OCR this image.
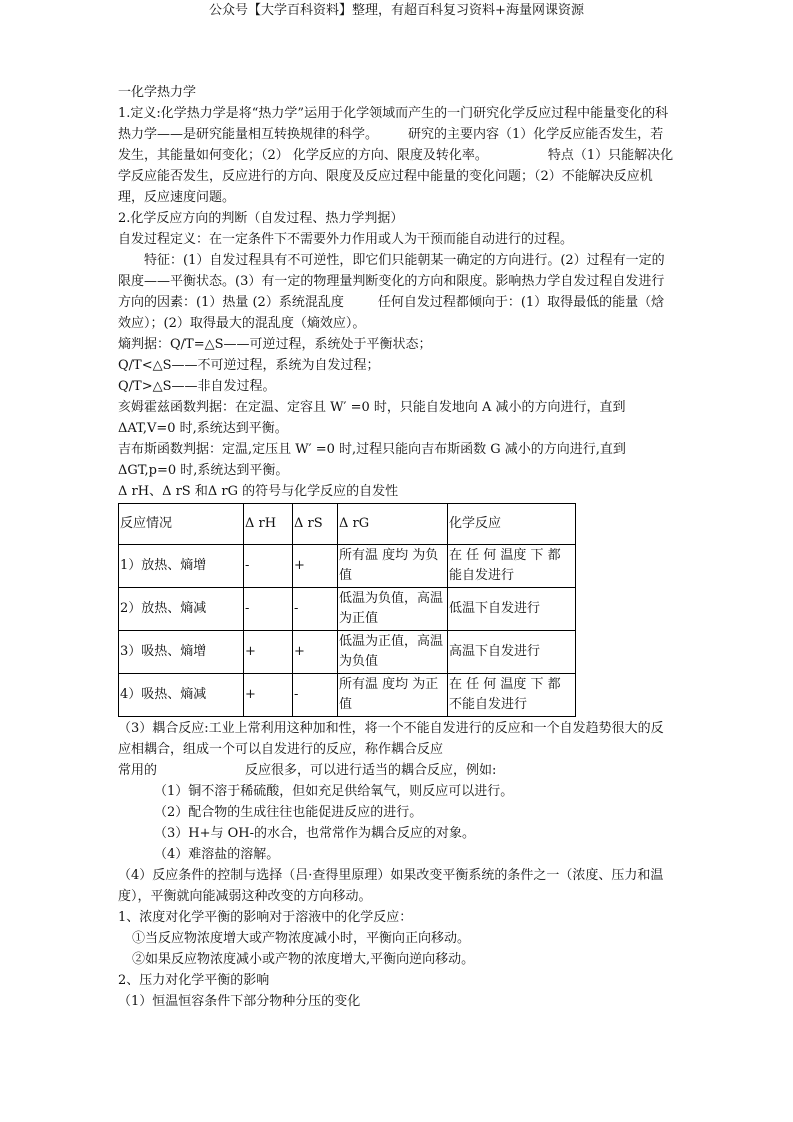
公众号【大学百科资料】整理，有超百科复习资料+海量网课资源

一化学热力学

1.定义:化学热力学是将“热力学”运用于化学领域而产生的一门研究化学反应过程中能量变化的科热力学——是研究能量相互转换规律的科学。 研究的主要内容（1）化学反应能否发生，若发生，其能量如何变化；（2） 化学反应的方向、限度及转化率。	特点（1）只能解决化学反应能否发生，反应进行的方向、限度及反应过程中能量的变化问题；（2）不能解决反应机理，反应速度问题。

2.化学反应方向的判断（自发过程、热力学判据）

自发过程定义：在一定条件下不需要外力作用或人为干预而能自动进行的过程。

特征：(1）自发过程具有不可逆性，即它们只能朝某一确定的方向进行。(2）过程有一定的限度——平衡状态。(3）有一定的物理量判断变化的方向和限度。影响热力学自发过程自发进行方向的因素：(1）热量 (2）系统混乱度	任何自发过程都倾向于：(1）取得最低的能量（焓效应）；(2）取得最大的混乱度（熵效应）。

熵判据：Q/T=△S——可逆过程，系统处于平衡状态；

Q/T<△S——不可逆过程，系统为自发过程；

Q/T>△S——非自发过程。

亥姆霍兹函数判据：在定温、定容且 W′ =0 时，只能自发地向 A 减小的方向进行，直到ΔAT,V=0 时,系统达到平衡。

吉布斯函数判据：定温,定压且 W′ =0 时,过程只能向吉布斯函数 G 减小的方向进行,直到ΔGT,p=0 时,系统达到平衡。

Δ rH、Δ rS 和Δ rG 的符号与化学反应的自发性

反应情况	Δ rH	Δ rS	Δ rG	化学反应
1）放热、熵增	-	+	所有温 度均 为负值	在 任 何 温度 下 都 能自发进行
2）放热、熵减	-	-	低温为负值，高温为正值	低温下自发进行
3）吸热、熵增	+	+	低温为正值，高温为负值	高温下自发进行
4）吸热、熵减	+	-	所有温 度均 为正值	在 任 何 温度 下 都 不能自发进行

（3）耦合反应:工业上常利用这种加和性，将一个不能自发进行的反应和一个自发趋势很大的反应相耦合，组成一个可以自发进行的反应，称作耦合反应

常用的	反应很多，可以进行适当的耦合反应，例如:

（1）铜不溶于稀硫酸，但如充足供给氧气，则反应可以进行。

（2）配合物的生成往往也能促进反应的进行。

（3）H+与 OH-的水合，也常常作为耦合反应的对象。

（4）难溶盐的溶解。

（4）反应条件的控制与选择（吕·查得里原理）如果改变平衡系统的条件之一（浓度、压力和温度），平衡就向能减弱这种改变的方向移动。

1、浓度对化学平衡的影响对于溶液中的化学反应：

①当反应物浓度增大或产物浓度减小时，平衡向正向移动。

②如果反应物浓度减小或产物的浓度增大,平衡向逆向移动。

2、压力对化学平衡的影响

（1）恒温恒容条件下部分物种分压的变化
